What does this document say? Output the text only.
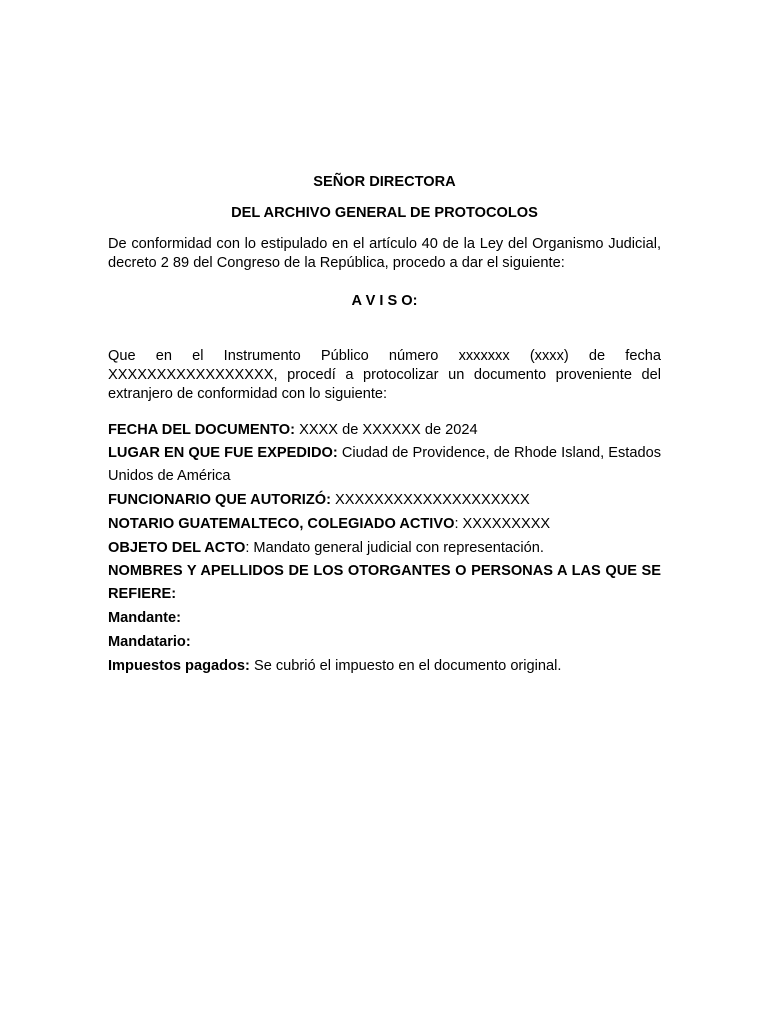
SEÑOR DIRECTORA

DEL ARCHIVO GENERAL DE PROTOCOLOS

De conformidad con lo estipulado en el artículo 40 de la Ley del Organismo Judicial, decreto 2 89 del Congreso de la República, procedo a dar el siguiente:

A V I S O:

Que en el Instrumento Público número xxxxxxx (xxxx) de fecha XXXXXXXXXXXXXXXXX, procedí a protocolizar un documento proveniente del extranjero de conformidad con lo siguiente:

FECHA DEL DOCUMENTO: XXXX de XXXXXX de 2024

LUGAR EN QUE FUE EXPEDIDO: Ciudad de Providence, de Rhode Island, Estados Unidos de América

FUNCIONARIO QUE AUTORIZÓ: XXXXXXXXXXXXXXXXXXXX

NOTARIO GUATEMALTECO, COLEGIADO ACTIVO: XXXXXXXXX

OBJETO DEL ACTO: Mandato general judicial con representación.

NOMBRES Y APELLIDOS DE LOS OTORGANTES O PERSONAS A LAS QUE SE REFIERE:

Mandante:

Mandatario:

Impuestos pagados: Se cubrió el impuesto en el documento original.
